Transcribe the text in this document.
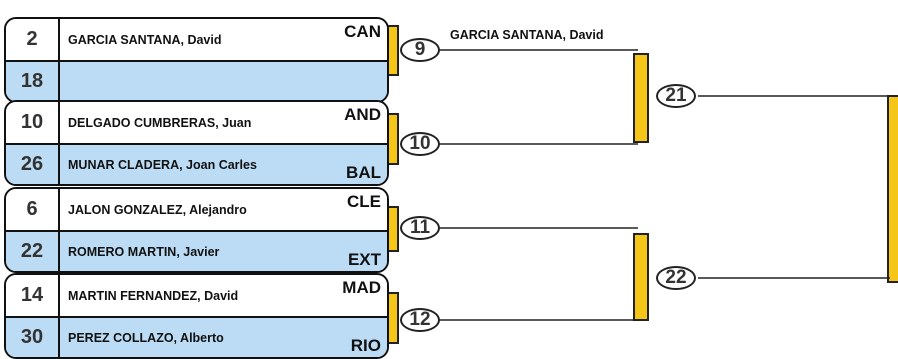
2	GARCIA SANTANA, David	CAN
18
10	DELGADO CUMBRERAS, Juan	AND
26	MUNAR CLADERA, Joan Carles	BAL
6	JALON GONZALEZ, Alejandro	CLE
22	ROMERO MARTIN, Javier	EXT
14	MARTIN FERNANDEZ, David	MAD
30	PEREZ COLLAZO, Alberto	RIO
GARCIA SANTANA, David
9
10
11
12
21
22
